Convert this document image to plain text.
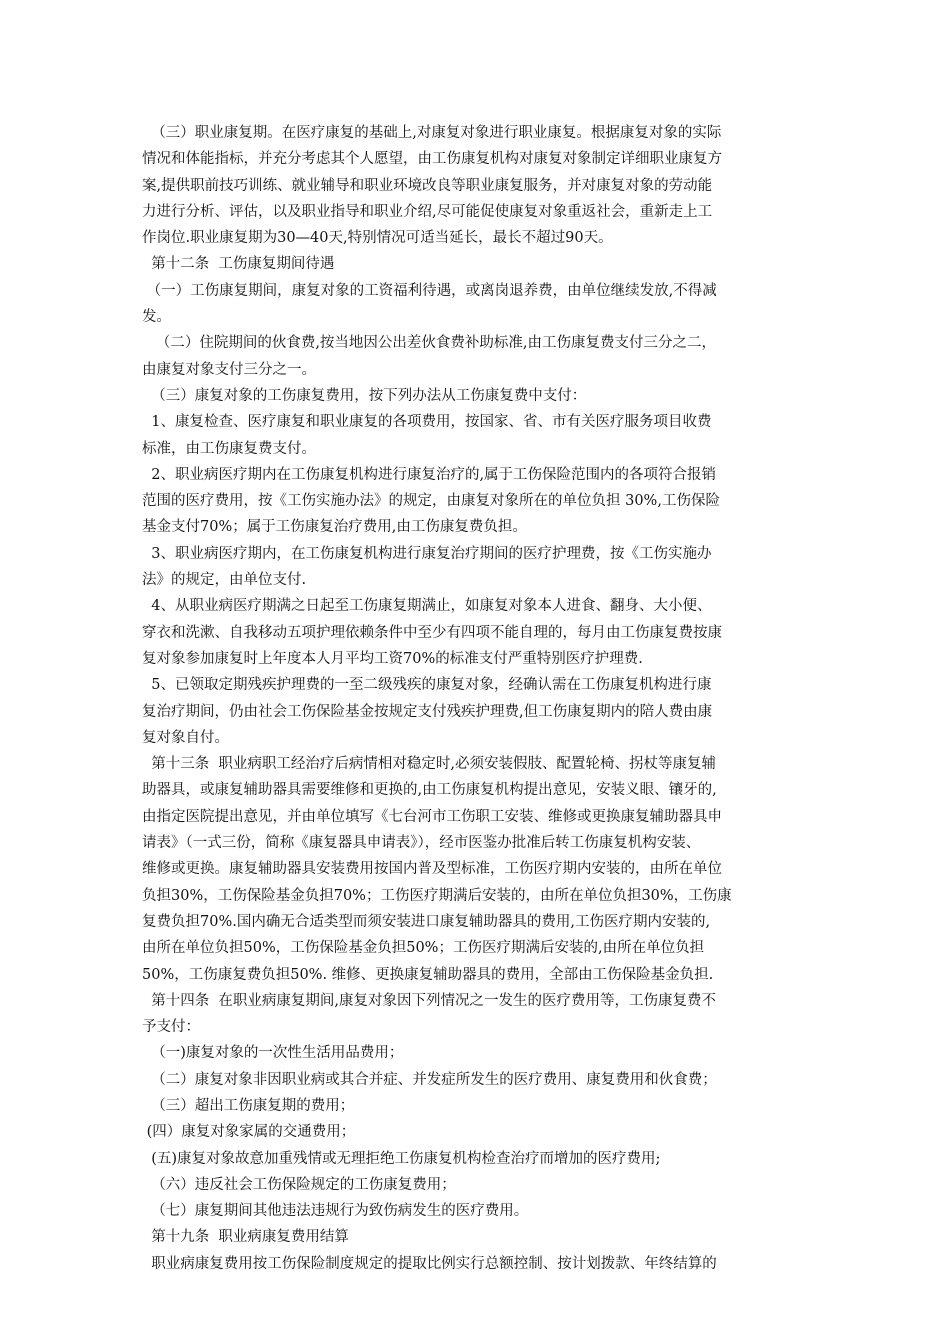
（三）职业康复期。在医疗康复的基础上,对康复对象进行职业康复。根据康复对象的实际
情况和体能指标，并充分考虑其个人愿望，由工伤康复机构对康复对象制定详细职业康复方
案,提供职前技巧训练、就业辅导和职业环境改良等职业康复服务，并对康复对象的劳动能
力进行分析、评估，以及职业指导和职业介绍,尽可能促使康复对象重返社会，重新走上工
作岗位.职业康复期为30—40天,特别情况可适当延长，最长不超过90天。
第十二条  工伤康复期间待遇
（一）工伤康复期间，康复对象的工资福利待遇，或离岗退养费，由单位继续发放,不得减
发。
（二）住院期间的伙食费,按当地因公出差伙食费补助标准,由工伤康复费支付三分之二，
由康复对象支付三分之一。
（三）康复对象的工伤康复费用，按下列办法从工伤康复费中支付：
1、康复检查、医疗康复和职业康复的各项费用，按国家、省、市有关医疗服务项目收费
标准，由工伤康复费支付。
2、职业病医疗期内在工伤康复机构进行康复治疗的,属于工伤保险范围内的各项符合报销
范围的医疗费用，按《工伤实施办法》的规定，由康复对象所在的单位负担 30%,工伤保险
基金支付70%；属于工伤康复治疗费用,由工伤康复费负担。
3、职业病医疗期内，在工伤康复机构进行康复治疗期间的医疗护理费，按《工伤实施办
法》的规定，由单位支付.
4、从职业病医疗期满之日起至工伤康复期满止，如康复对象本人进食、翻身、大小便、
穿衣和洗漱、自我移动五项护理依赖条件中至少有四项不能自理的，每月由工伤康复费按康
复对象参加康复时上年度本人月平均工资70%的标准支付严重特别医疗护理费.
5、已领取定期残疾护理费的一至二级残疾的康复对象，经确认需在工伤康复机构进行康
复治疗期间，仍由社会工伤保险基金按规定支付残疾护理费,但工伤康复期内的陪人费由康
复对象自付。
第十三条  职业病职工经治疗后病情相对稳定时,必须安装假肢、配置轮椅、拐杖等康复辅
助器具，或康复辅助器具需要维修和更换的,由工伤康复机构提出意见，安装义眼、镶牙的,
由指定医院提出意见，并由单位填写《七台河市工伤职工安装、维修或更换康复辅助器具申
请表》（一式三份，简称《康复器具申请表》），经市医鉴办批准后转工伤康复机构安装、
维修或更换。康复辅助器具安装费用按国内普及型标准，工伤医疗期内安装的，由所在单位
负担30%，工伤保险基金负担70%；工伤医疗期满后安装的，由所在单位负担30%，工伤康
复费负担70%.国内确无合适类型而须安装进口康复辅助器具的费用,工伤医疗期内安装的,
由所在单位负担50%，工伤保险基金负担50%；工伤医疗期满后安装的,由所在单位负担
50%，工伤康复费负担50%. 维修、更换康复辅助器具的费用，全部由工伤保险基金负担.
第十四条  在职业病康复期间,康复对象因下列情况之一发生的医疗费用等，工伤康复费不
予支付：
（一)康复对象的一次性生活用品费用；
（二）康复对象非因职业病或其合并症、并发症所发生的医疗费用、康复费用和伙食费；
（三）超出工伤康复期的费用；
(四）康复对象家属的交通费用；
(五)康复对象故意加重残情或无理拒绝工伤康复机构检查治疗而增加的医疗费用;
（六）违反社会工伤保险规定的工伤康复费用；
（七）康复期间其他违法违规行为致伤病发生的医疗费用。
第十九条  职业病康复费用结算
职业病康复费用按工伤保险制度规定的提取比例实行总额控制、按计划拨款、年终结算的
